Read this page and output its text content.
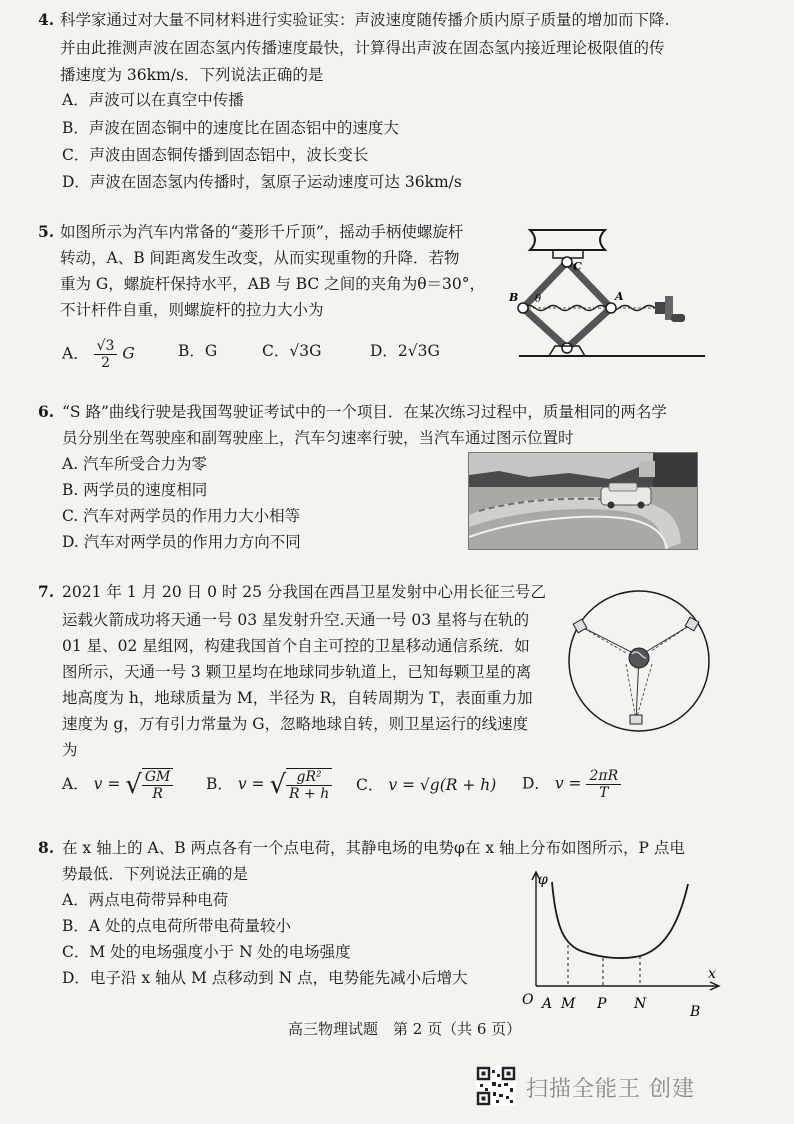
4. 科学家通过对大量不同材料进行实验证实：声波速度随传播介质内原子质量的增加而下降.
并由此推测声波在固态氢内传播速度最快，计算得出声波在固态氢内接近理论极限值的传
播速度为 36km/s．下列说法正确的是
A．声波可以在真空中传播
B．声波在固态铜中的速度比在固态铝中的速度大
C．声波由固态铜传播到固态铝中，波长变长
D．声波在固态氢内传播时，氢原子运动速度可达 36km/s
5. 如图所示为汽车内常备的“菱形千斤顶”，摇动手柄使螺旋杆
转动，A、B 间距离发生改变，从而实现重物的升降．若物
重为 G，螺旋杆保持水平，AB 与 BC 之间的夹角为θ＝30°，
不计杆件自重，则螺旋杆的拉力大小为
A． $\frac{√3}{2}$ G	B．G	C．√3G	D．2√3G
C
B	A
θ
6. “S 路”曲线行驶是我国驾驶证考试中的一个项目．在某次练习过程中，质量相同的两名学
员分别坐在驾驶座和副驾驶座上，汽车匀速率行驶，当汽车通过图示位置时
A. 汽车所受合力为零
B. 两学员的速度相同
C. 汽车对两学员的作用力大小相等
D. 汽车对两学员的作用力方向不同
7. 2021 年 1 月 20 日 0 时 25 分我国在西昌卫星发射中心用长征三号乙
运载火箭成功将天通一号 03 星发射升空.天通一号 03 星将与在轨的
01 星、02 星组网，构建我国首个自主可控的卫星移动通信系统．如
图所示，天通一号 3 颗卫星均在地球同步轨道上，已知每颗卫星的离
地高度为 h，地球质量为 M，半径为 R，自转周期为 T，表面重力加
速度为 g，万有引力常量为 G，忽略地球自转，则卫星运行的线速度
为
A． v = √ $\frac{GM}{R}$ B． v = √ $\frac{\text{gR²}}{R + h}$ C． v = √g(R + h) D． $v = \frac{2\pi R}{T}$
8. 在 x 轴上的 A、B 两点各有一个点电荷，其静电场的电势φ在 x 轴上分布如图所示，P 点电
势最低．下列说法正确的是
A．两点电荷带异种电荷
B．A 处的点电荷所带电荷量较小
C．M 处的电场强度小于 N 处的电场强度
D．电子沿 x 轴从 M 点移动到 N 点，电势能先减小后增大
φ
x
O A M P N	B
高三物理试题　第 2 页（共 6 页）
扫描全能王 创建
